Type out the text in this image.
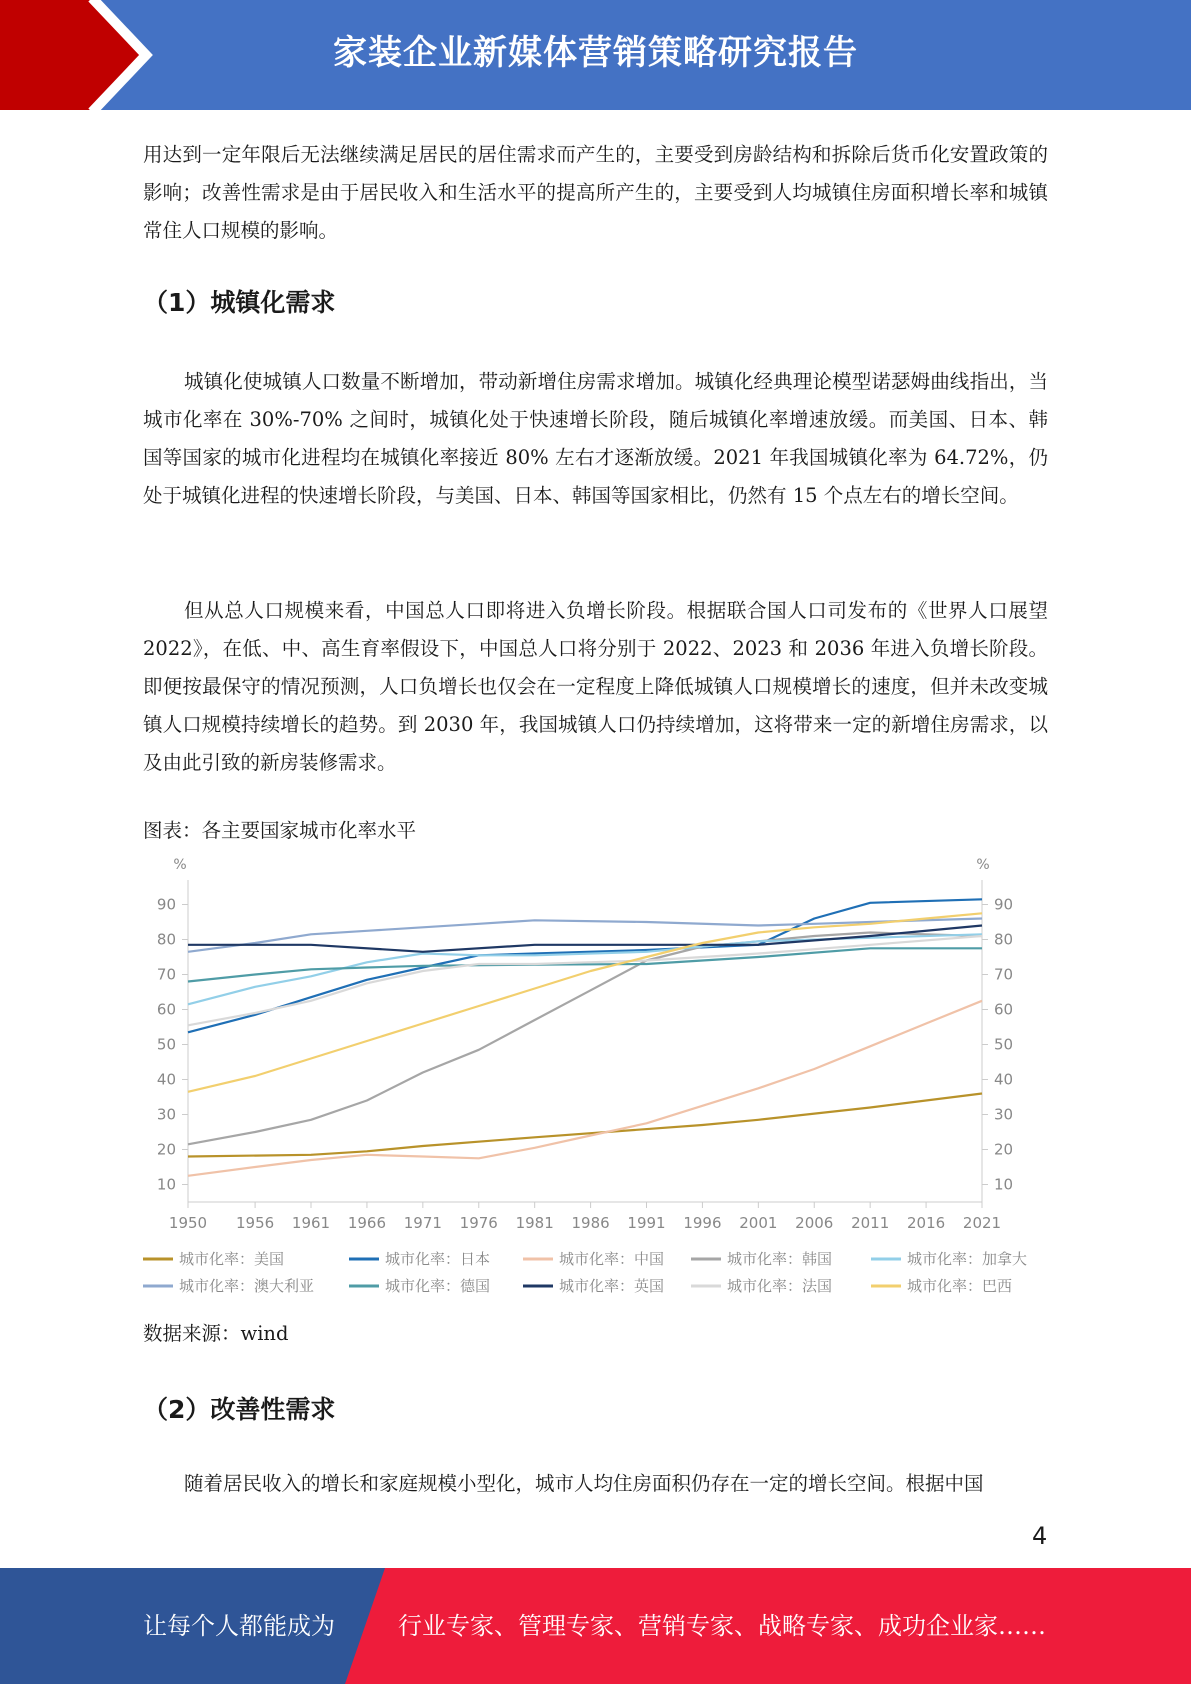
家装企业新媒体营销策略研究报告

用达到一定年限后无法继续满足居民的居住需求而产生的，主要受到房龄结构和拆除后货币化安置政策的影响；改善性需求是由于居民收入和生活水平的提高所产生的，主要受到人均城镇住房面积增长率和城镇常住人口规模的影响。

（1）城镇化需求

城镇化使城镇人口数量不断增加，带动新增住房需求增加。城镇化经典理论模型诺瑟姆曲线指出，当城市化率在 30%-70% 之间时，城镇化处于快速增长阶段，随后城镇化率增速放缓。而美国、日本、韩国等国家的城市化进程均在城镇化率接近 80% 左右才逐渐放缓。2021 年我国城镇化率为 64.72%，仍处于城镇化进程的快速增长阶段，与美国、日本、韩国等国家相比，仍然有 15 个点左右的增长空间。

但从总人口规模来看，中国总人口即将进入负增长阶段。根据联合国人口司发布的《世界人口展望 2022》，在低、中、高生育率假设下，中国总人口将分别于 2022、2023 和 2036 年进入负增长阶段。即便按最保守的情况预测，人口负增长也仅会在一定程度上降低城镇人口规模增长的速度，但并未改变城镇人口规模持续增长的趋势。到 2030 年，我国城镇人口仍持续增加，这将带来一定的新增住房需求，以及由此引致的新房装修需求。

图表：各主要国家城市化率水平

%	%
10	10
20	20
30	30
40	40
50	50
60	60
70	70
80	80
90	90
1950 1956 1961 1966 1971 1976 1981 1986 1991 1996 2001 2006 2011 2016 2021
城市化率：美国	城市化率：日本	城市化率：中国	城市化率：韩国	城市化率：加拿大
城市化率：澳大利亚	城市化率：德国	城市化率：英国	城市化率：法国	城市化率：巴西

数据来源：wind

（2）改善性需求

随着居民收入的增长和家庭规模小型化，城市人均住房面积仍存在一定的增长空间。根据中国

4
让每个人都能成为	行业专家、管理专家、营销专家、战略专家、成功企业家……
